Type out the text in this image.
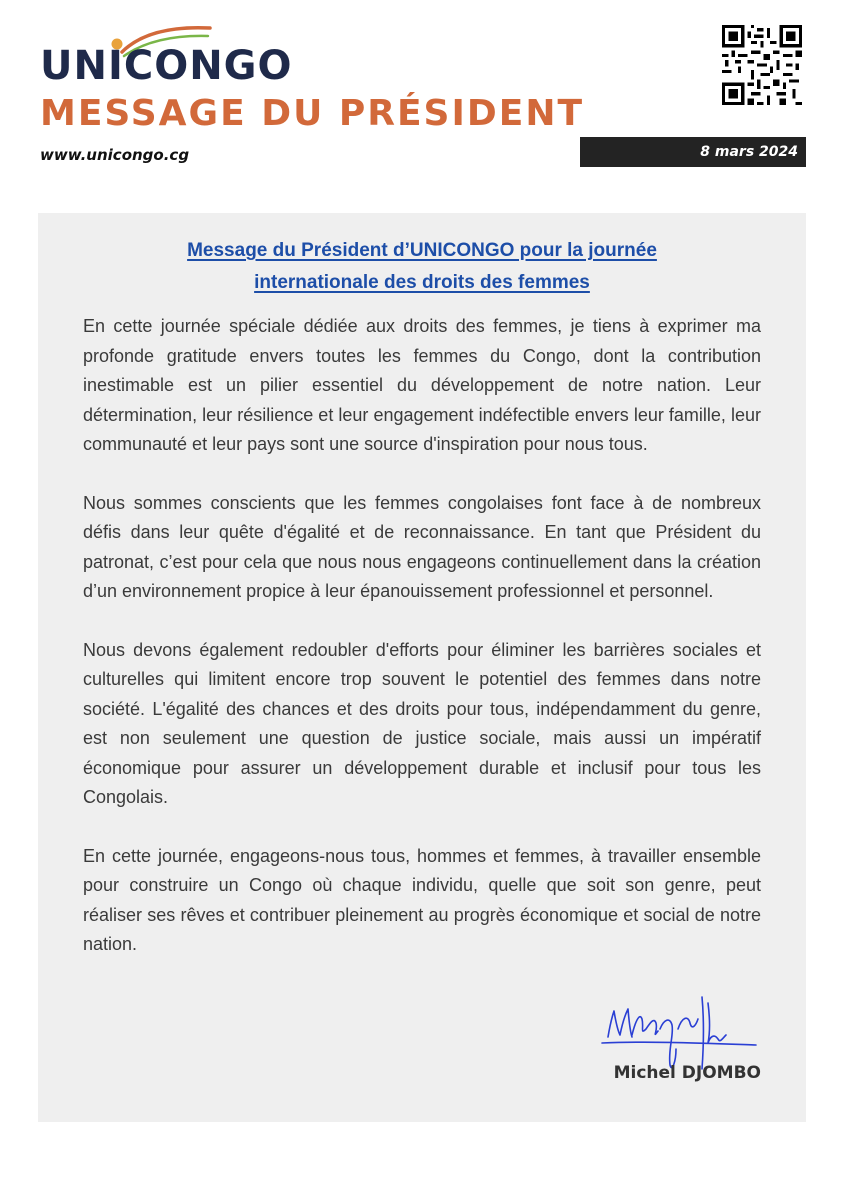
UNICONGO
MESSAGE DU PRÉSIDENT
www.unicongo.cg	8 mars 2024
Message du Président d’UNICONGO pour la journée
internationale des droits des femmes

En cette journée spéciale dédiée aux droits des femmes, je tiens à exprimer ma profonde gratitude envers toutes les femmes du Congo, dont la contribution inestimable est un pilier essentiel du développement de notre nation. Leur détermination, leur résilience et leur engagement indéfectible envers leur famille, leur communauté et leur pays sont une source d'inspiration pour nous tous.

Nous sommes conscients que les femmes congolaises font face à de nombreux défis dans leur quête d'égalité et de reconnaissance. En tant que Président du patronat, c’est pour cela que nous nous engageons continuellement dans la création d’un environnement propice à leur épanouissement professionnel et personnel.

Nous devons également redoubler d'efforts pour éliminer les barrières sociales et culturelles qui limitent encore trop souvent le potentiel des femmes dans notre société. L'égalité des chances et des droits pour tous, indépendamment du genre, est non seulement une question de justice sociale, mais aussi un impératif économique pour assurer un développement durable et inclusif pour tous les Congolais.

En cette journée, engageons-nous tous, hommes et femmes, à travailler ensemble pour construire un Congo où chaque individu, quelle que soit son genre, peut réaliser ses rêves et contribuer pleinement au progrès économique et social de notre nation.

Michel DJOMBO
